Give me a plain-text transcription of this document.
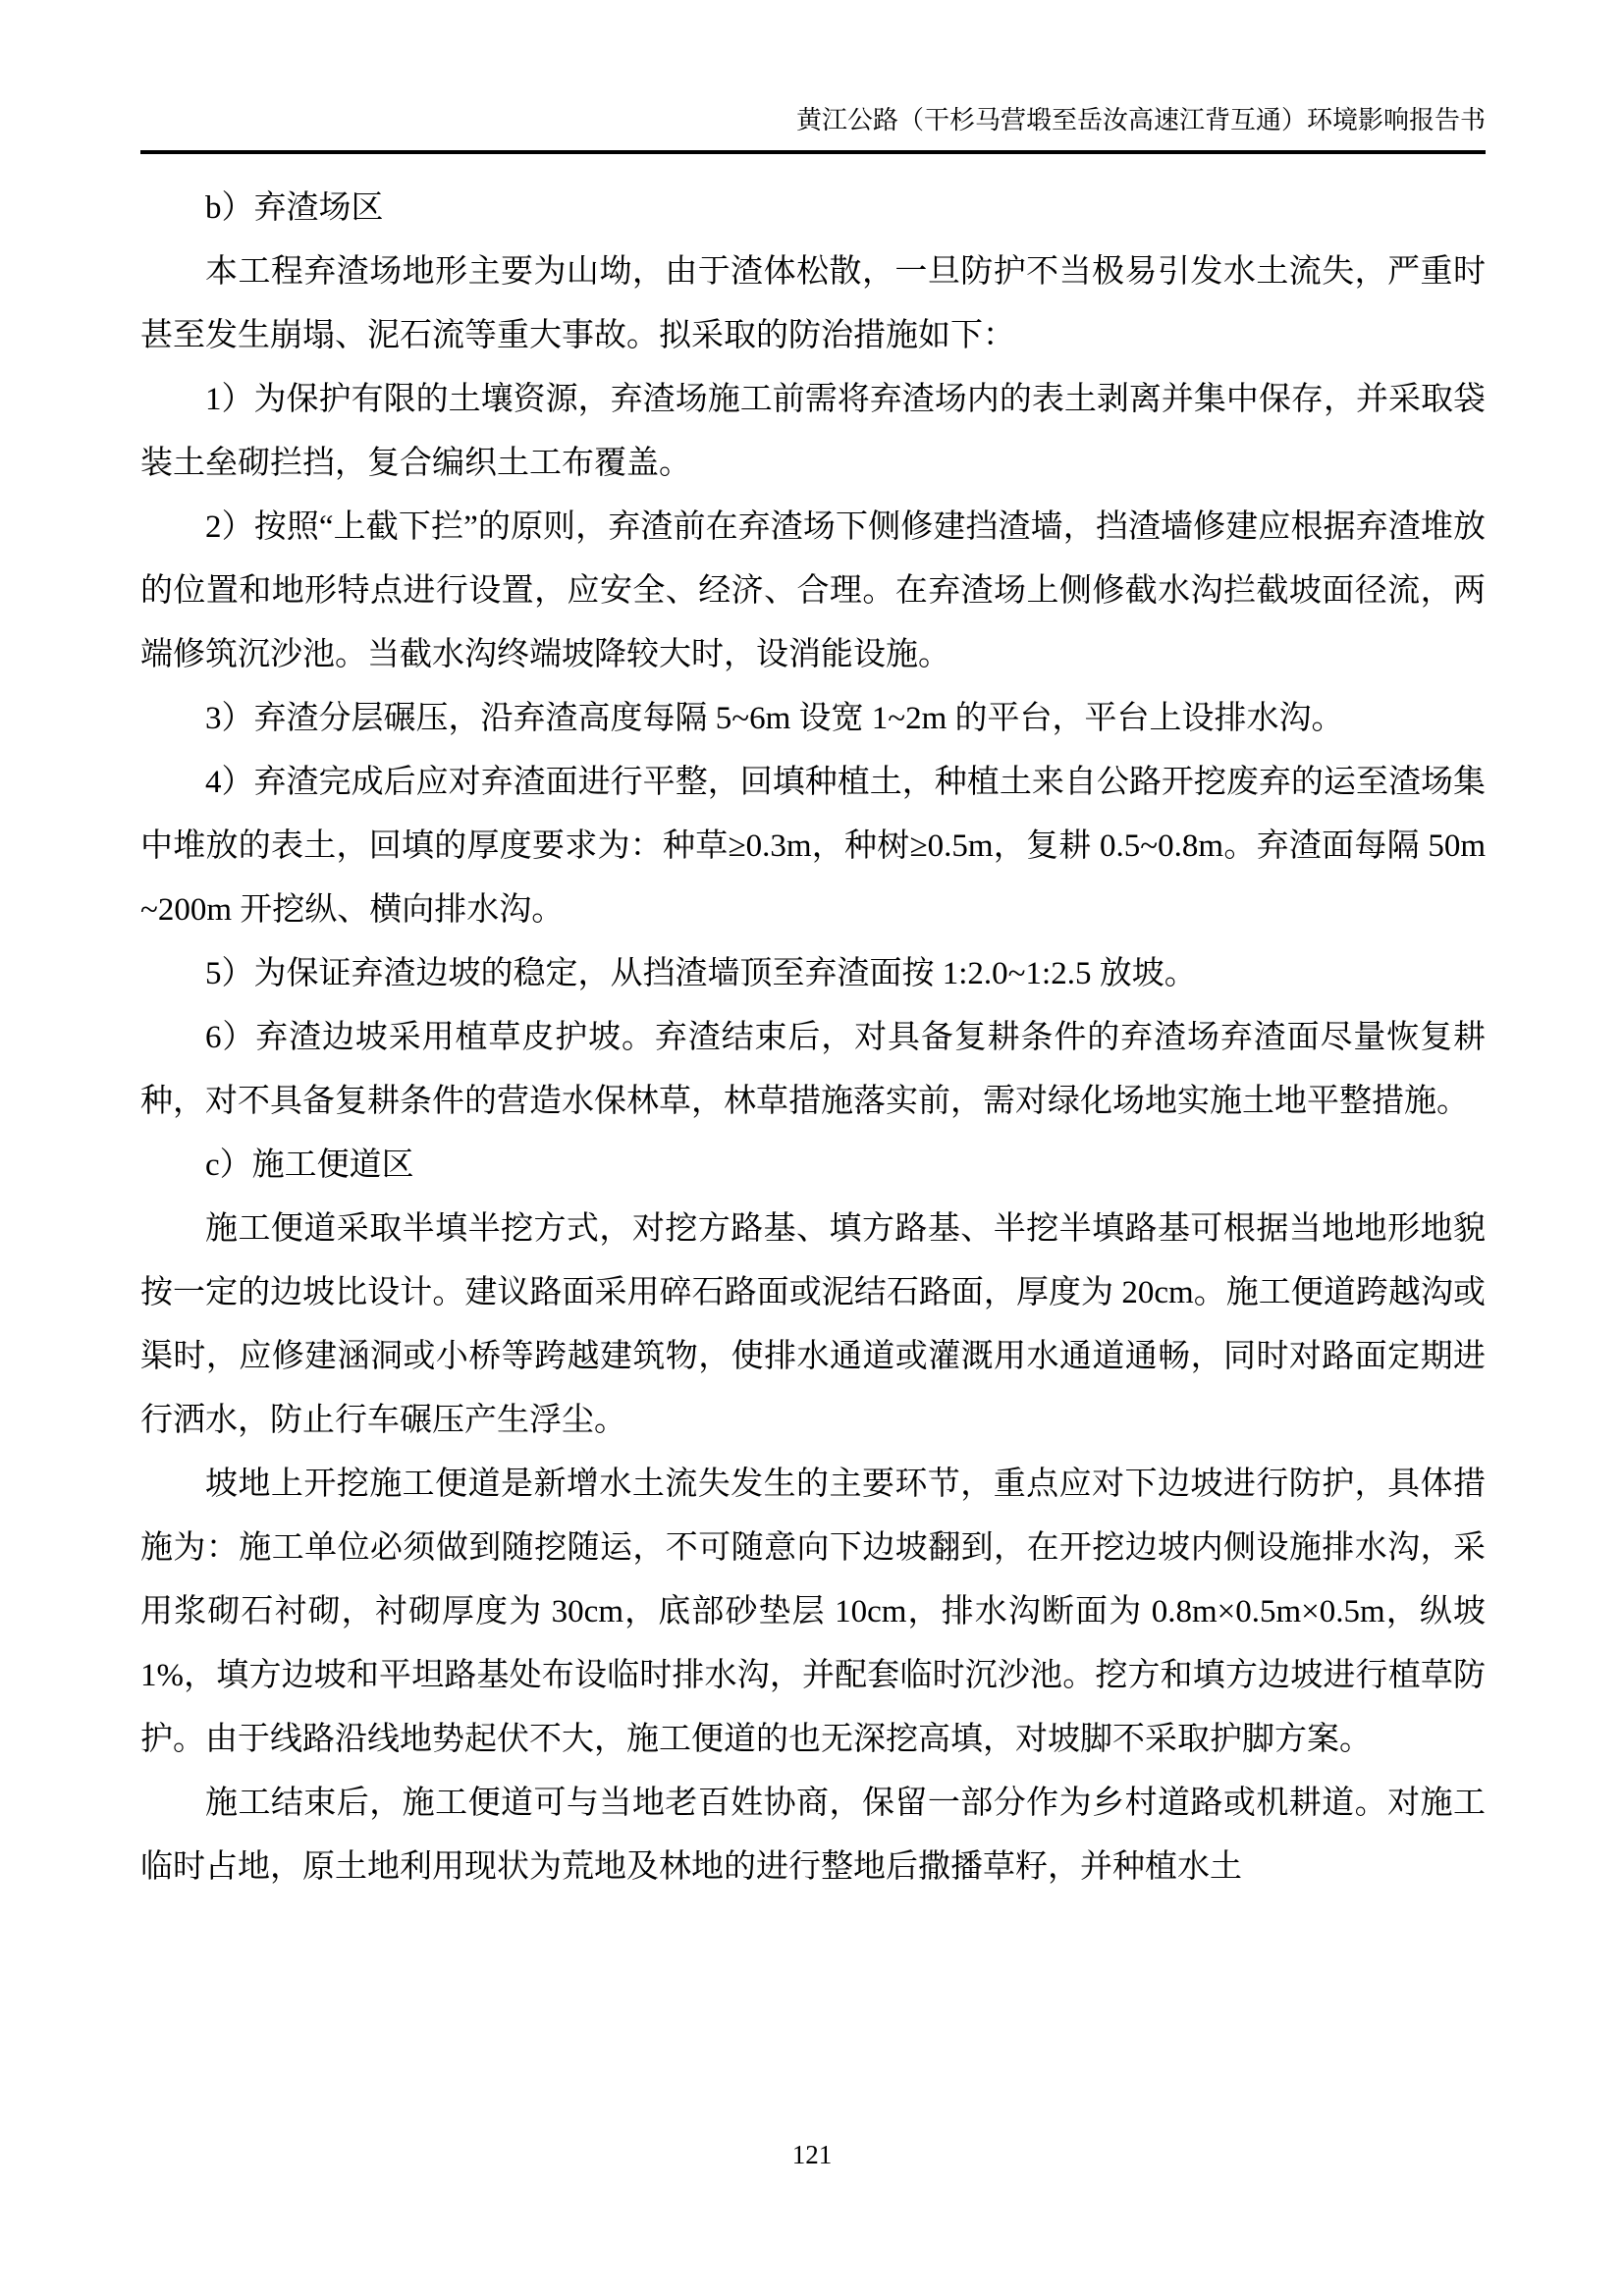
黄江公路（干杉马营塅至岳汝高速江背互通）环境影响报告书

b）弃渣场区

本工程弃渣场地形主要为山坳，由于渣体松散，一旦防护不当极易引发水土流失，严重时甚至发生崩塌、泥石流等重大事故。拟采取的防治措施如下：

1）为保护有限的土壤资源，弃渣场施工前需将弃渣场内的表土剥离并集中保存，并采取袋装土垒砌拦挡，复合编织土工布覆盖。

2）按照“上截下拦”的原则，弃渣前在弃渣场下侧修建挡渣墙，挡渣墙修建应根据弃渣堆放的位置和地形特点进行设置，应安全、经济、合理。在弃渣场上侧修截水沟拦截坡面径流，两端修筑沉沙池。当截水沟终端坡降较大时，设消能设施。

3）弃渣分层碾压，沿弃渣高度每隔 5~6m 设宽 1~2m 的平台，平台上设排水沟。

4）弃渣完成后应对弃渣面进行平整，回填种植土，种植土来自公路开挖废弃的运至渣场集中堆放的表土，回填的厚度要求为：种草≥0.3m，种树≥0.5m，复耕 0.5~0.8m。弃渣面每隔 50m~200m 开挖纵、横向排水沟。

5）为保证弃渣边坡的稳定，从挡渣墙顶至弃渣面按 1:2.0~1:2.5 放坡。

6）弃渣边坡采用植草皮护坡。弃渣结束后，对具备复耕条件的弃渣场弃渣面尽量恢复耕种，对不具备复耕条件的营造水保林草，林草措施落实前，需对绿化场地实施土地平整措施。

c）施工便道区

施工便道采取半填半挖方式，对挖方路基、填方路基、半挖半填路基可根据当地地形地貌按一定的边坡比设计。建议路面采用碎石路面或泥结石路面，厚度为 20cm。施工便道跨越沟或渠时，应修建涵洞或小桥等跨越建筑物，使排水通道或灌溉用水通道通畅，同时对路面定期进行洒水，防止行车碾压产生浮尘。

坡地上开挖施工便道是新增水土流失发生的主要环节，重点应对下边坡进行防护，具体措施为：施工单位必须做到随挖随运，不可随意向下边坡翻到，在开挖边坡内侧设施排水沟，采用浆砌石衬砌，衬砌厚度为 30cm，底部砂垫层 10cm，排水沟断面为 0.8m×0.5m×0.5m，纵坡 1%，填方边坡和平坦路基处布设临时排水沟，并配套临时沉沙池。挖方和填方边坡进行植草防护。由于线路沿线地势起伏不大，施工便道的也无深挖高填，对坡脚不采取护脚方案。

施工结束后，施工便道可与当地老百姓协商，保留一部分作为乡村道路或机耕道。对施工临时占地，原土地利用现状为荒地及林地的进行整地后撒播草籽，并种植水土

121
